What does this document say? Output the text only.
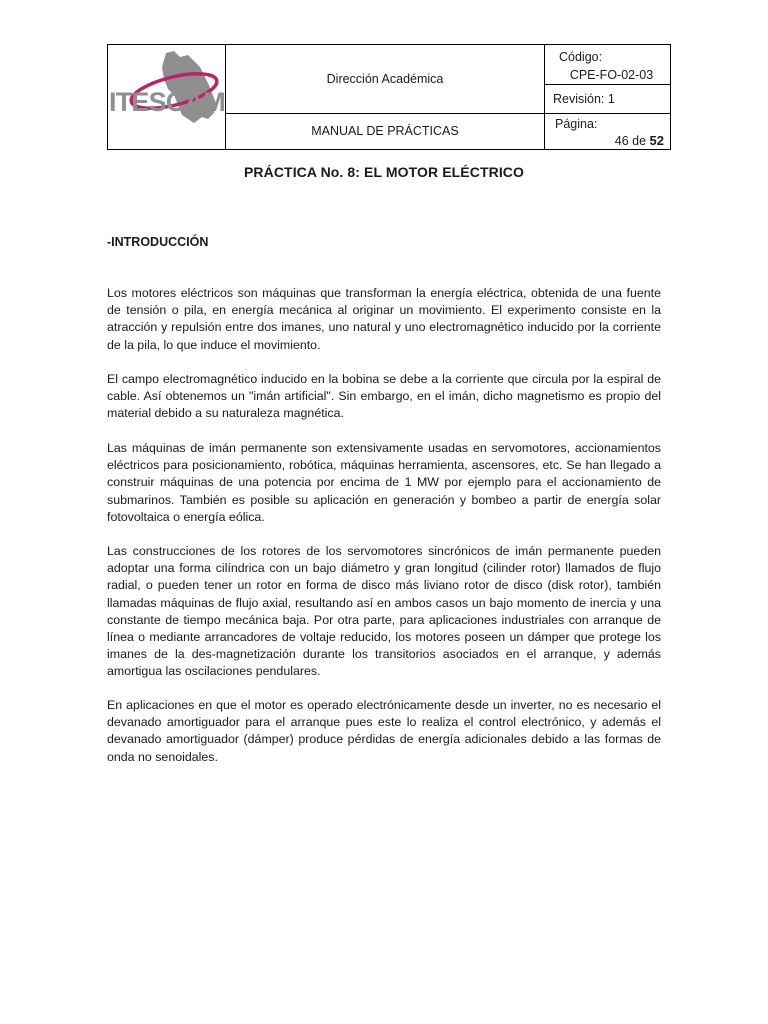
ITESCAM	Dirección Académica	Código:
CPE-FO-02-03

		Revisión: 1
	MANUAL DE PRÁCTICAS	Página:
46 de 52
PRÁCTICA No. 8: EL MOTOR ELÉCTRICO
-INTRODUCCIÓN

Los motores eléctricos son máquinas que transforman la energía eléctrica, obtenida de una fuente de tensión o pila, en energía mecánica al originar un movimiento. El experimento consiste en la atracción y repulsión entre dos imanes, uno natural y uno electromagnético inducido por la corriente de la pila, lo que induce el movimiento.

El campo electromagnético inducido en la bobina se debe a la corriente que circula por la espiral de cable. Así obtenemos un "imán artificial". Sin embargo, en el imán, dicho magnetismo es propio del material debido a su naturaleza magnética.

Las máquinas de imán permanente son extensivamente usadas en servomotores, accionamientos eléctricos para posicionamiento, robótica, máquinas herramienta, ascensores, etc. Se han llegado a construir máquinas de una potencia por encima de 1 MW por ejemplo para el accionamiento de submarinos. También es posible su aplicación en generación y bombeo a partir de energía solar fotovoltaica o energía eólica.

Las construcciones de los rotores de los servomotores sincrónicos de imán permanente pueden adoptar una forma cilíndrica con un bajo diámetro y gran longitud (cilinder rotor) llamados de flujo radial, o pueden tener un rotor en forma de disco más liviano rotor de disco (disk rotor), también llamadas máquinas de flujo axial, resultando así en ambos casos un bajo momento de inercia y una constante de tiempo mecánica baja. Por otra parte, para aplicaciones industriales con arranque de línea o mediante arrancadores de voltaje reducido, los motores poseen un dámper que protege los imanes de la des-magnetización durante los transitorios asociados en el arranque, y además amortigua las oscilaciones pendulares.

En aplicaciones en que el motor es operado electrónicamente desde un inverter, no es necesario el devanado amortiguador para el arranque pues este lo realiza el control electrónico, y además el devanado amortiguador (dámper) produce pérdidas de energía adicionales debido a las formas de onda no senoidales.
